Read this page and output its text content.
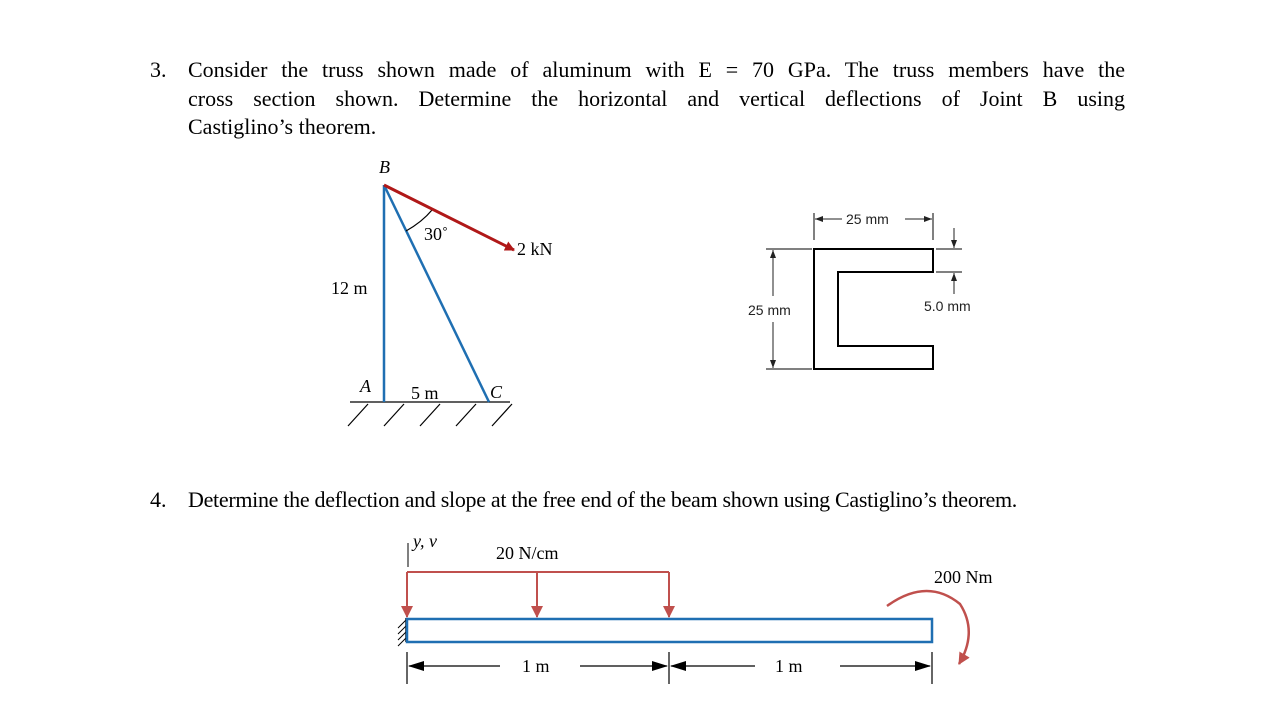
3. Consider the truss shown made of aluminum with E = 70 GPa. The truss members have the
cross section shown. Determine the horizontal and vertical deflections of Joint B using
Castiglino’s theorem.
B
30˚
2 kN
12 m
A 5 m	C
25 mm
25 mm	5.0 mm
4. Determine the deflection and slope at the free end of the beam shown using Castiglino’s theorem.
y, v
20 N/cm
200 Nm
1 m	1 m
